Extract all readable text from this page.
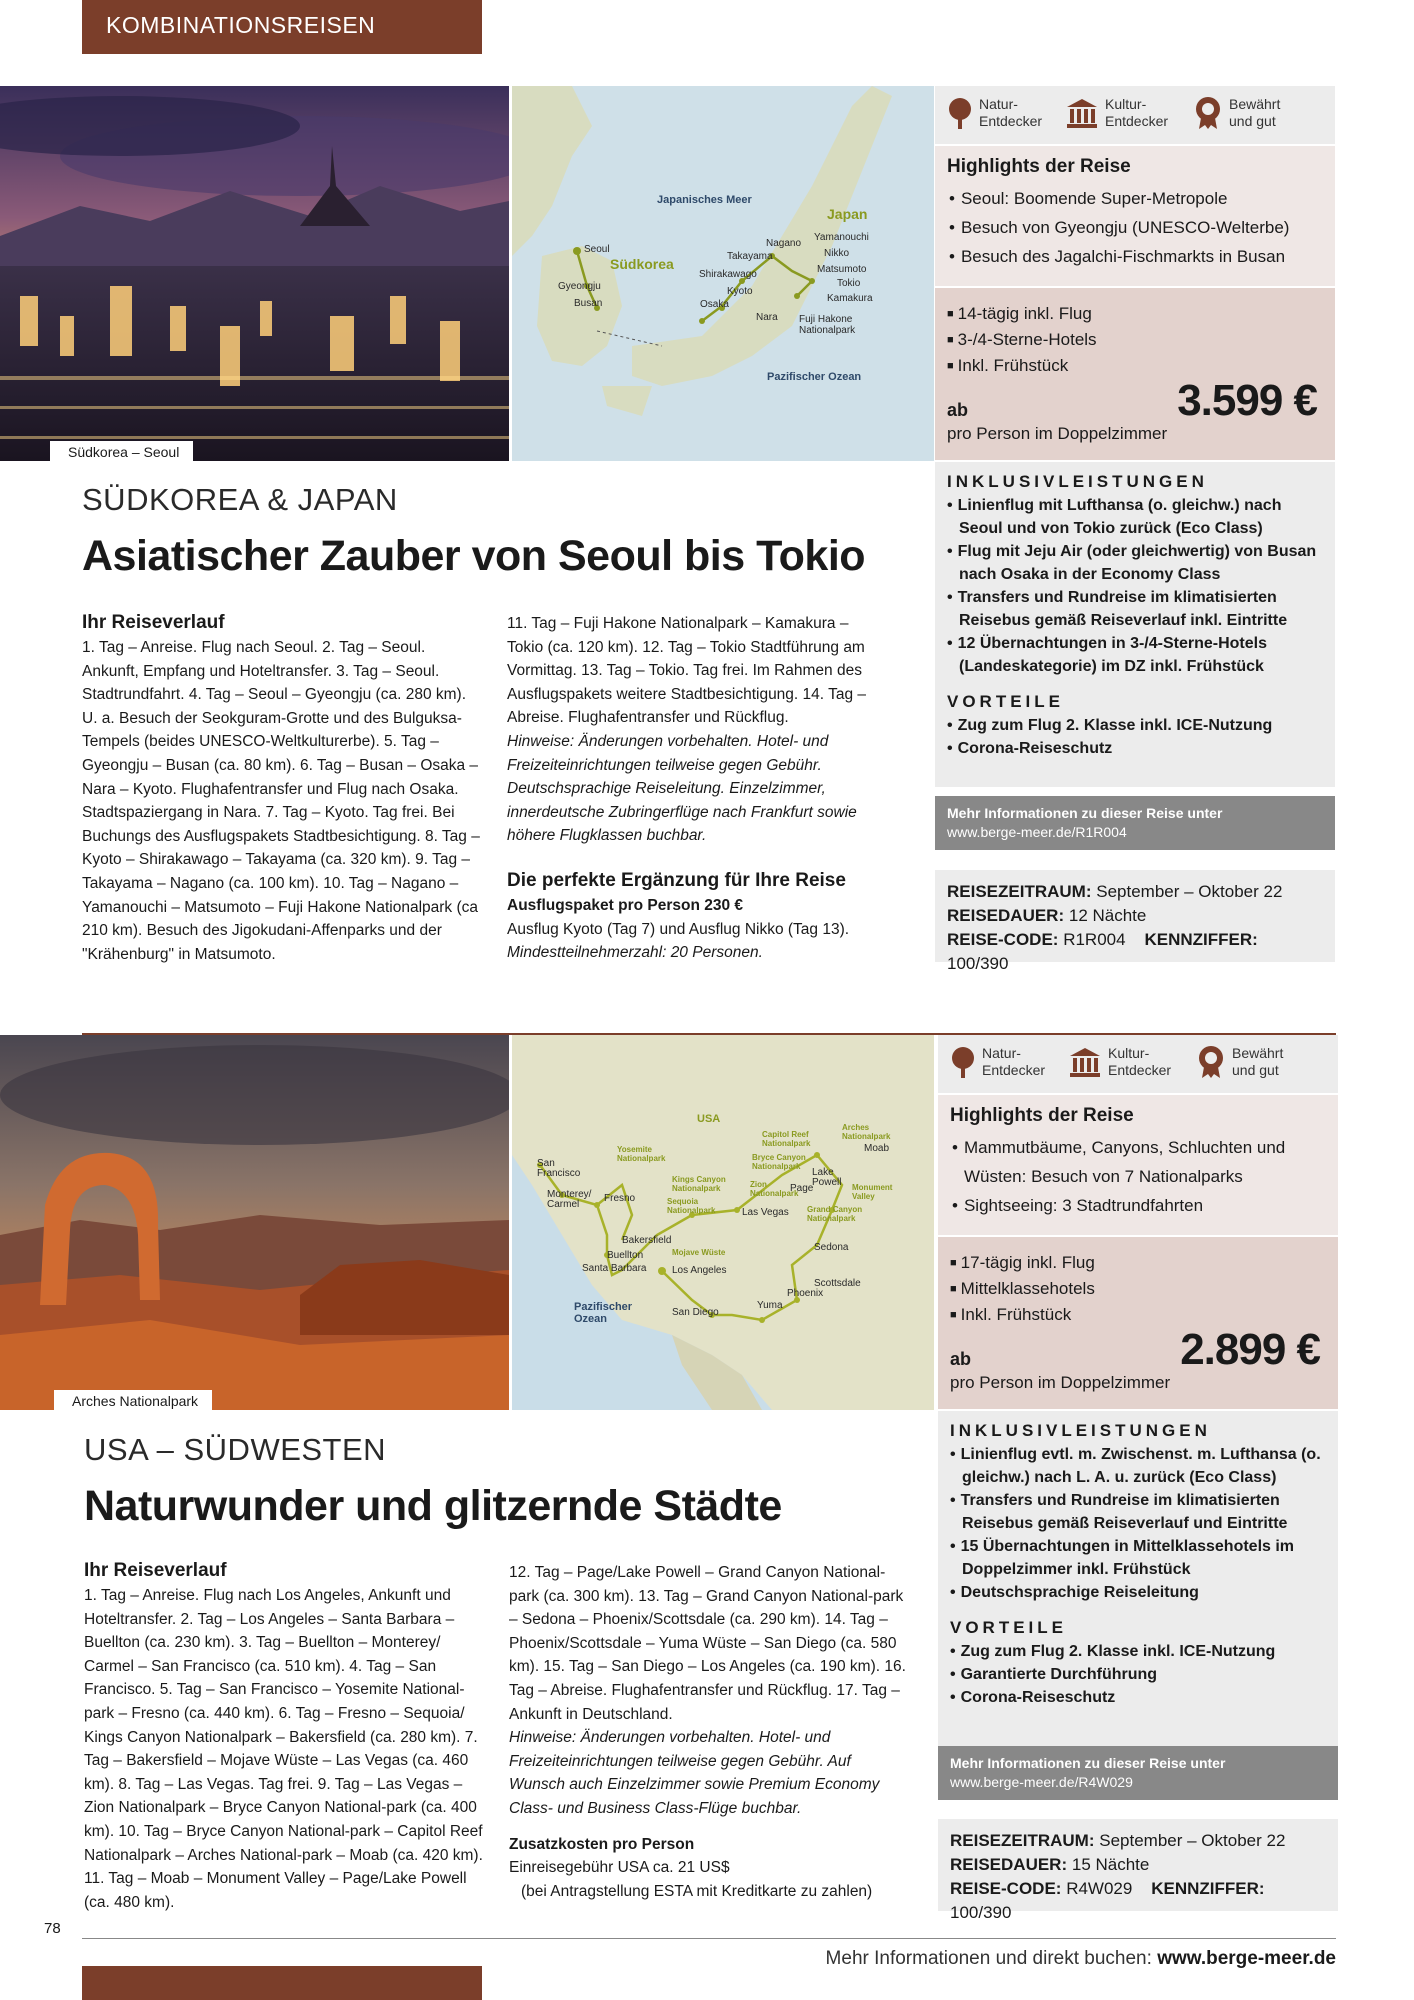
KOMBINATIONSREISEN
Südkorea – Seoul
Japanisches Meer
Pazifischer Ozean
Südkorea
Japan
Seoul
Gyeongju
Busan
Nagano
Yamanouchi
Nikko
Takayama
Matsumoto
Shirakawago
Tokio
Kyoto
Kamakura
Osaka
Nara Fuji Hakone Nationalpark
Natur-Entdecker
Kultur-Entdecker
Bewährt und gut
Highlights der Reise
• Seoul: Boomende Super-Metropole
• Besuch von Gyeongju (UNESCO-Welterbe)
• Besuch des Jagalchi-Fischmarkts in Busan
■ 14-tägig inkl. Flug
■ 3-/4-Sterne-Hotels
■ Inkl. Frühstück
ab	3.599 €
pro Person im Doppelzimmer
INKLUSIVLEISTUNGEN
• Linienflug mit Lufthansa (o. gleichw.) nach Seoul und von Tokio zurück (Eco Class)
• Flug mit Jeju Air (oder gleichwertig) von Busan nach Osaka in der Economy Class
• Transfers und Rundreise im klimatisierten Reisebus gemäß Reiseverlauf inkl. Eintritte
• 12 Übernachtungen in 3-/4-Sterne-Hotels (Landeskategorie) im DZ inkl. Frühstück
VORTEILE
• Zug zum Flug 2. Klasse inkl. ICE-Nutzung
• Corona-Reiseschutz
Mehr Informationen zu dieser Reise unter
www.berge-meer.de/R1R004
REISEZEITRAUM: September – Oktober 22
REISEDAUER: 12 Nächte
REISE-CODE: R1R004 KENNZIFFER: 100/390
SÜDKOREA & JAPAN
Asiatischer Zauber von Seoul bis Tokio
Ihr Reiseverlauf
1. Tag – Anreise. Flug nach Seoul. 2. Tag – Seoul. Ankunft, Empfang und Hoteltransfer. 3. Tag – Seoul. Stadtrundfahrt. 4. Tag – Seoul – Gyeongju (ca. 280 km). U. a. Besuch der Seokguram-Grotte und des Bulguksa-Tempels (beides UNESCO-Weltkulturerbe). 5. Tag – Gyeongju – Busan (ca. 80 km). 6. Tag – Busan – Osaka – Nara – Kyoto. Flughafentransfer und Flug nach Osaka. Stadtspaziergang in Nara. 7. Tag – Kyoto. Tag frei. Bei Buchungs des Ausflugspakets Stadtbesichtigung. 8. Tag – Kyoto – Shirakawago – Takayama (ca. 320 km). 9. Tag – Takayama – Nagano (ca. 100 km). 10. Tag – Nagano – Yamanouchi – Matsumoto – Fuji Hakone Nationalpark (ca 210 km). Besuch des Jigokudani-Affenparks und der "Krähenburg" in Matsumoto.
11. Tag – Fuji Hakone Nationalpark – Kamakura – Tokio (ca. 120 km). 12. Tag – Tokio Stadtführung am Vormittag. 13. Tag – Tokio. Tag frei. Im Rahmen des Ausflugspakets weitere Stadtbesichtigung. 14. Tag – Abreise. Flughafentransfer und Rückflug.
Hinweise: Änderungen vorbehalten. Hotel- und Freizeiteinrichtungen teilweise gegen Gebühr. Deutschsprachige Reiseleitung. Einzelzimmer, innerdeutsche Zubringerflüge nach Frankfurt sowie höhere Flugklassen buchbar.
Die perfekte Ergänzung für Ihre Reise
Ausflugspaket pro Person 230 €
Ausflug Kyoto (Tag 7) und Ausflug Nikko (Tag 13).
Mindestteilnehmerzahl: 20 Personen.
Arches Nationalpark
USA
Pazifischer Ozean
San Francisco
Monterey/ Carmel
Fresno
Bakersfield
Buellton
Santa Barbara	Los Angeles
San Diego
Las Vegas
Page
Moab
Sedona
Scottsdale
Phoenix
Yuma
Mojave Wüste
Yosemite Nationalpark
Kings Canyon Nationalpark
Sequoia Nationalpark
Capitol Reef Nationalpark
Bryce Canyon Nationalpark
Arches Nationalpark
Zion Nationalpark
Lake Powell	Monument Valley
Grand Canyon Nationalpark
Natur-Entdecker
Kultur-Entdecker
Bewährt und gut
Highlights der Reise
• Mammutbäume, Canyons, Schluchten und Wüsten: Besuch von 7 Nationalparks
• Sightseeing: 3 Stadtrundfahrten
■ 17-tägig inkl. Flug
■ Mittelklassehotels
■ Inkl. Frühstück
ab	2.899 €
pro Person im Doppelzimmer
INKLUSIVLEISTUNGEN
• Linienflug evtl. m. Zwischenst. m. Lufthansa (o. gleichw.) nach L. A. u. zurück (Eco Class)
• Transfers und Rundreise im klimatisierten Reisebus gemäß Reiseverlauf und Eintritte
• 15 Übernachtungen in Mittelklassehotels im Doppelzimmer inkl. Frühstück
• Deutschsprachige Reiseleitung
VORTEILE
• Zug zum Flug 2. Klasse inkl. ICE-Nutzung
• Garantierte Durchführung
• Corona-Reiseschutz
Mehr Informationen zu dieser Reise unter
www.berge-meer.de/R4W029
REISEZEITRAUM: September – Oktober 22
REISEDAUER: 15 Nächte
REISE-CODE: R4W029 KENNZIFFER: 100/390
USA – SÜDWESTEN
Naturwunder und glitzernde Städte
Ihr Reiseverlauf
1. Tag – Anreise. Flug nach Los Angeles, Ankunft und Hoteltransfer. 2. Tag – Los Angeles – Santa Barbara – Buellton (ca. 230 km). 3. Tag – Buellton – Monterey/ Carmel – San Francisco (ca. 510 km). 4. Tag – San Francisco. 5. Tag – San Francisco – Yosemite National-park – Fresno (ca. 440 km). 6. Tag – Fresno – Sequoia/ Kings Canyon Nationalpark – Bakersfield (ca. 280 km). 7. Tag – Bakersfield – Mojave Wüste – Las Vegas (ca. 460 km). 8. Tag – Las Vegas. Tag frei. 9. Tag – Las Vegas – Zion Nationalpark – Bryce Canyon National-park (ca. 400 km). 10. Tag – Bryce Canyon National-park – Capitol Reef Nationalpark – Arches National-park – Moab (ca. 420 km). 11. Tag – Moab – Monument Valley – Page/Lake Powell (ca. 480 km).
12. Tag – Page/Lake Powell – Grand Canyon National-park (ca. 300 km). 13. Tag – Grand Canyon National-park – Sedona – Phoenix/Scottsdale (ca. 290 km). 14. Tag – Phoenix/Scottsdale – Yuma Wüste – San Diego (ca. 580 km). 15. Tag – San Diego – Los Angeles (ca. 190 km). 16. Tag – Abreise. Flughafentransfer und Rückflug. 17. Tag – Ankunft in Deutschland.
Hinweise: Änderungen vorbehalten. Hotel- und Freizeiteinrichtungen teilweise gegen Gebühr. Auf Wunsch auch Einzelzimmer sowie Premium Economy Class- und Business Class-Flüge buchbar.
Zusatzkosten pro Person
Einreisegebühr USA ca. 21 US$
(bei Antragstellung ESTA mit Kreditkarte zu zahlen)
78
Mehr Informationen und direkt buchen: www.berge-meer.de
